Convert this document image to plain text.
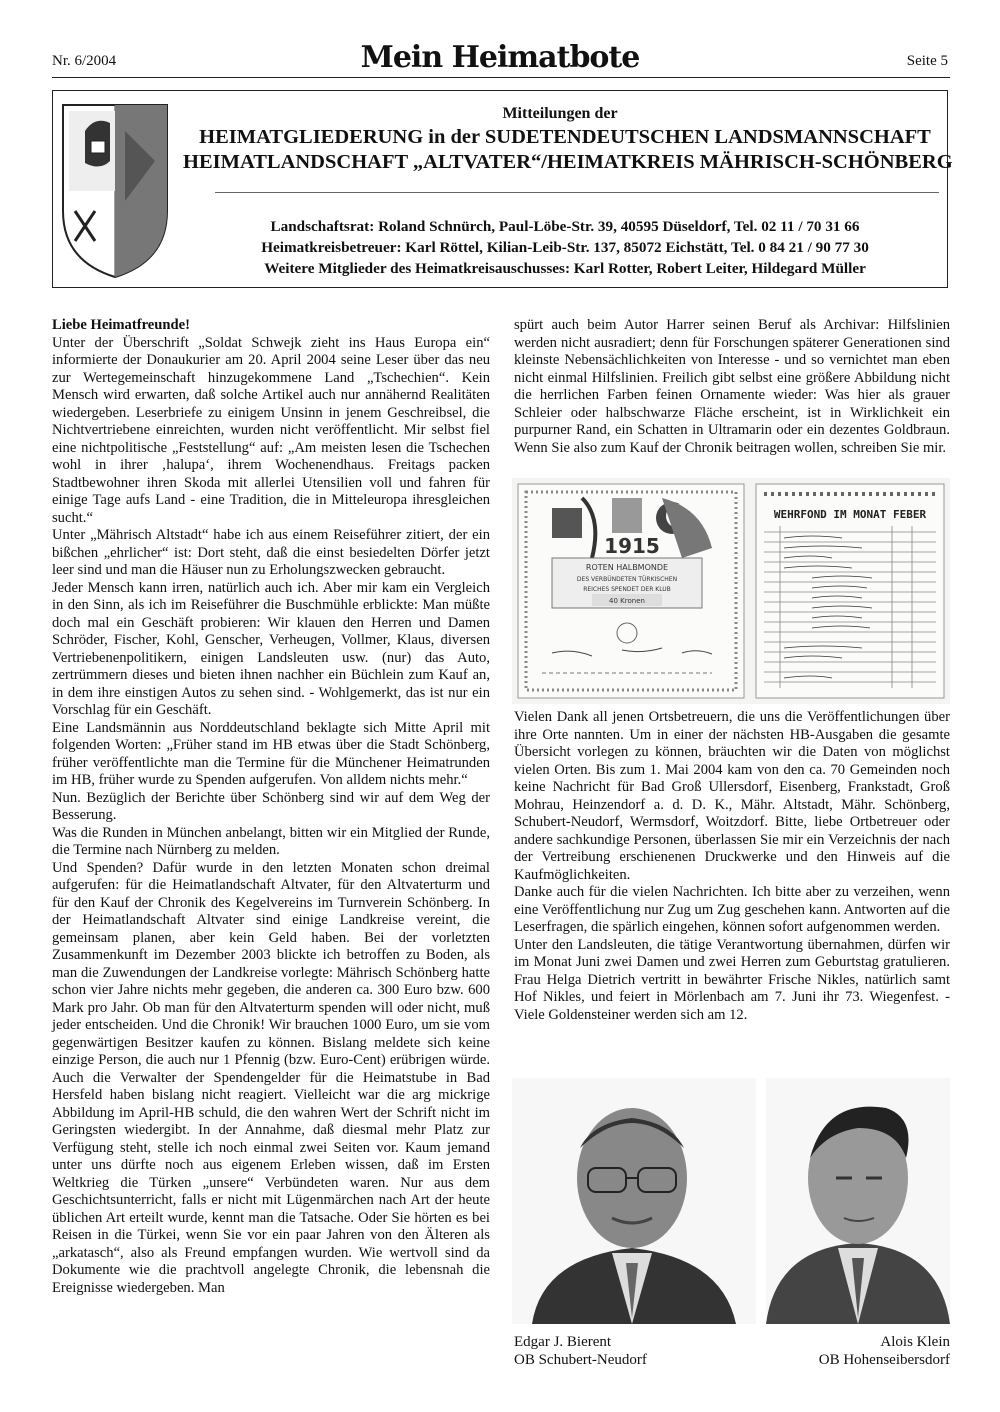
Nr. 6/2004	Mein Heimatbote	Seite 5
Mitteilungen der
HEIMATGLIEDERUNG in der SUDETENDEUTSCHEN LANDSMANNSCHAFT
HEIMATLANDSCHAFT „ALTVATER“/HEIMATKREIS MÄHRISCH-SCHÖNBERG
Landschaftsrat: Roland Schnürch, Paul-Löbe-Str. 39, 40595 Düseldorf, Tel. 02 11 / 70 31 66
Heimatkreisbetreuer: Karl Röttel, Kilian-Leib-Str. 137, 85072 Eichstätt, Tel. 0 84 21 / 90 77 30
Weitere Mitglieder des Heimatkreisauschusses: Karl Rotter, Robert Leiter, Hildegard Müller

Liebe Heimatfreunde!

Unter der Überschrift „Soldat Schwejk zieht ins Haus Europa ein“ informierte der Donaukurier am 20. April 2004 seine Leser über das neu zur Wertegemeinschaft hinzugekommene Land „Tschechien“. Kein Mensch wird erwarten, daß solche Artikel auch nur annähernd Realitäten wiedergeben. Leserbriefe zu einigem Unsinn in jenem Geschreibsel, die Nichtvertriebene einreichten, wurden nicht veröffentlicht. Mir selbst fiel eine nichtpolitische „Feststellung“ auf: „Am meisten lesen die Tschechen wohl in ihrer ‚halupa‘, ihrem Wochenendhaus. Freitags packen Stadtbewohner ihren Skoda mit allerlei Utensilien voll und fahren für einige Tage aufs Land - eine Tradition, die in Mitteleuropa ihresgleichen sucht.“

Unter „Mährisch Altstadt“ habe ich aus einem Reiseführer zitiert, der ein bißchen „ehrlicher“ ist: Dort steht, daß die einst besiedelten Dörfer jetzt leer sind und man die Häuser nun zu Erholungszwecken gebraucht.

Jeder Mensch kann irren, natürlich auch ich. Aber mir kam ein Vergleich in den Sinn, als ich im Reiseführer die Buschmühle erblickte: Man müßte doch mal ein Geschäft probieren: Wir klauen den Herren und Damen Schröder, Fischer, Kohl, Genscher, Verheugen, Vollmer, Klaus, diversen Vertriebenenpolitikern, einigen Landsleuten usw. (nur) das Auto, zertrümmern dieses und bieten ihnen nachher ein Büchlein zum Kauf an, in dem ihre einstigen Autos zu sehen sind. - Wohlgemerkt, das ist nur ein Vorschlag für ein Geschäft.

Eine Landsmännin aus Norddeutschland beklagte sich Mitte April mit folgenden Worten: „Früher stand im HB etwas über die Stadt Schönberg, früher veröffentlichte man die Termine für die Münchener Heimatrunden im HB, früher wurde zu Spenden aufgerufen. Von alldem nichts mehr.“

Nun. Bezüglich der Berichte über Schönberg sind wir auf dem Weg der Besserung.

Was die Runden in München anbelangt, bitten wir ein Mitglied der Runde, die Termine nach Nürnberg zu melden.

Und Spenden? Dafür wurde in den letzten Monaten schon dreimal aufgerufen: für die Heimatlandschaft Altvater, für den Altvaterturm und für den Kauf der Chronik des Kegelvereins im Turnverein Schönberg. In der Heimatlandschaft Altvater sind einige Landkreise vereint, die gemeinsam planen, aber kein Geld haben. Bei der vorletzten Zusammenkunft im Dezember 2003 blickte ich betroffen zu Boden, als man die Zuwendungen der Landkreise vorlegte: Mährisch Schönberg hatte schon vier Jahre nichts mehr gegeben, die anderen ca. 300 Euro bzw. 600 Mark pro Jahr. Ob man für den Altvaterturm spenden will oder nicht, muß jeder entscheiden. Und die Chronik! Wir brauchen 1000 Euro, um sie vom gegenwärtigen Besitzer kaufen zu können. Bislang meldete sich keine einzige Person, die auch nur 1 Pfennig (bzw. Euro-Cent) erübrigen würde. Auch die Verwalter der Spendengelder für die Heimatstube in Bad Hersfeld haben bislang nicht reagiert. Vielleicht war die arg mickrige Abbildung im April-HB schuld, die den wahren Wert der Schrift nicht im Geringsten wiedergibt. In der Annahme, daß diesmal mehr Platz zur Verfügung steht, stelle ich noch einmal zwei Seiten vor. Kaum jemand unter uns dürfte noch aus eigenem Erleben wissen, daß im Ersten Weltkrieg die Türken „unsere“ Verbündeten waren. Nur aus dem Geschichtsunterricht, falls er nicht mit Lügenmärchen nach Art der heute üblichen Art erteilt wurde, kennt man die Tatsache. Oder Sie hörten es bei Reisen in die Türkei, wenn Sie vor ein paar Jahren von den Älteren als „arkatasch“, also als Freund empfangen wurden. Wie wertvoll sind da Dokumente wie die prachtvoll angelegte Chronik, die lebensnah die Ereignisse wiedergeben. Man

spürt auch beim Autor Harrer seinen Beruf als Archivar: Hilfslinien werden nicht ausradiert; denn für Forschungen späterer Generationen sind kleinste Nebensächlichkeiten von Interesse - und so vernichtet man eben nicht einmal Hilfslinien. Freilich gibt selbst eine größere Abbildung nicht die herrlichen Farben feinen Ornamente wieder: Was hier als grauer Schleier oder halbschwarze Fläche erscheint, ist in Wirklichkeit ein purpurner Rand, ein Schatten in Ultramarin oder ein dezentes Goldbraun. Wenn Sie also zum Kauf der Chronik beitragen wollen, schreiben Sie mir.

1915
ROTEN HALBMONDE
DES VERBÜNDETEN TÜRKISCHEN
REICHES SPENDET DER KLUB
40 Kronen
WEHRFOND IM MONAT FEBER

Vielen Dank all jenen Ortsbetreuern, die uns die Veröffentlichungen über ihre Orte nannten. Um in einer der nächsten HB-Ausgaben die gesamte Übersicht vorlegen zu können, bräuchten wir die Daten von möglichst vielen Orten. Bis zum 1. Mai 2004 kam von den ca. 70 Gemeinden noch keine Nachricht für Bad Groß Ullersdorf, Eisenberg, Frankstadt, Groß Mohrau, Heinzendorf a. d. D. K., Mähr. Altstadt, Mähr. Schönberg, Schubert-Neudorf, Wermsdorf, Woitzdorf. Bitte, liebe Ortbetreuer oder andere sachkundige Personen, überlassen Sie mir ein Verzeichnis der nach der Vertreibung erschienenen Druckwerke und den Hinweis auf die Kaufmöglichkeiten.

Danke auch für die vielen Nachrichten. Ich bitte aber zu verzeihen, wenn eine Veröffentlichung nur Zug um Zug geschehen kann. Antworten auf die Leserfragen, die spärlich eingehen, können sofort aufgenommen werden.

Unter den Landsleuten, die tätige Verantwortung übernahmen, dürfen wir im Monat Juni zwei Damen und zwei Herren zum Geburtstag gratulieren. Frau Helga Dietrich vertritt in bewährter Frische Nikles, natürlich samt Hof Nikles, und feiert in Mörlenbach am 7. Juni ihr 73. Wiegenfest. - Viele Goldensteiner werden sich am 12.

Edgar J. Bierent
OB Schubert-Neudorf
Alois Klein
OB Hohenseibersdorf
